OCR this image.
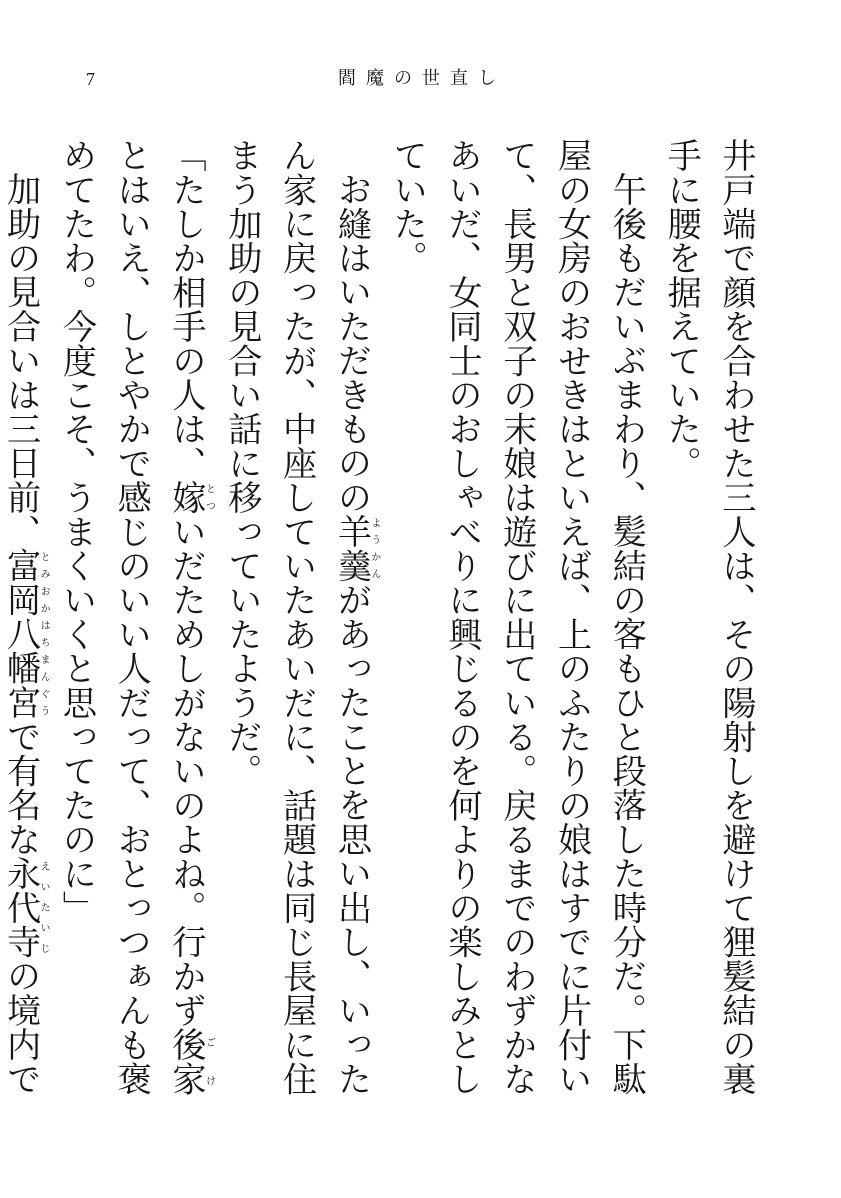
7	閻魔の世直し

井戸端で顔を合わせた三人は、その陽射しを避けて狸髪結の裏手に腰を据えていた。

午後もだいぶまわり、髪結の客もひと段落した時分だ。下駄屋の女房のおせきはといえば、上のふたりの娘はすでに片付いて、長男と双子の末娘は遊びに出ている。戻るまでのわずかなあいだ、女同士のおしゃべりに興じるのを何よりの楽しみとしていた。

お縫はいただきものの羊羹ようかんがあったことを思い出し、いったん家に戻ったが、中座していたあいだに、話題は同じ長屋に住まう加助の見合い話に移っていたようだ。

「たしか相手の人は、嫁とついだためしがないのよね。行かず後家ごけとはいえ、しとやかで感じのいい人だって、おとっつぁんも褒めてたわ。今度こそ、うまくいくと思ってたのに」

加助の見合いは三日前、富岡八幡宮とみおかはちまんぐうで有名な永代寺えいたいじの境内で
